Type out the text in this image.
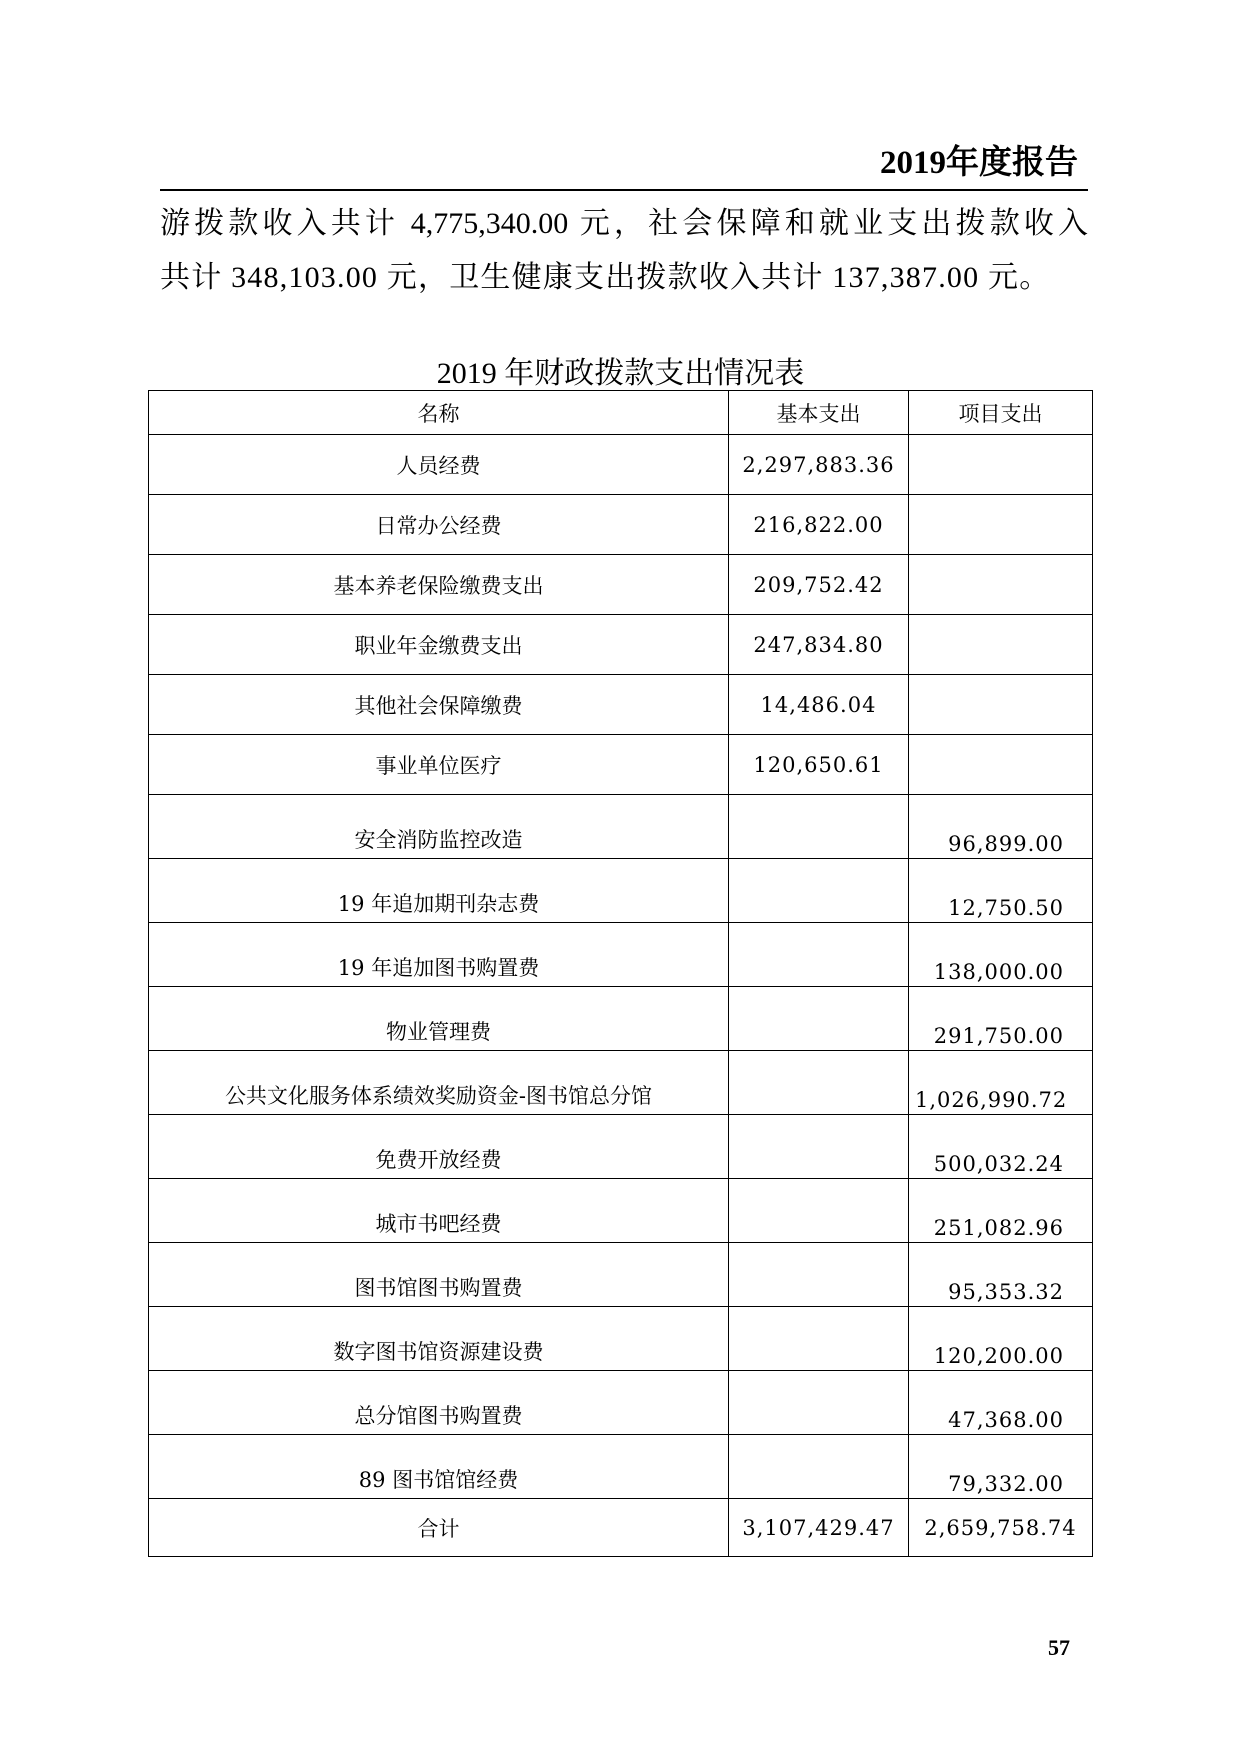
2019年度报告
游拨款收入共计 4,775,340.00 元，社会保障和就业支出拨款收入
共计 348,103.00 元，卫生健康支出拨款收入共计 137,387.00 元。
2019 年财政拨款支出情况表
名称	基本支出	项目支出
人员经费	2,297,883.36	
日常办公经费	216,822.00	
基本养老保险缴费支出	209,752.42	
职业年金缴费支出	247,834.80	
其他社会保障缴费	14,486.04	
事业单位医疗	120,650.61	
安全消防监控改造		96,899.00
19 年追加期刊杂志费		12,750.50
19 年追加图书购置费		138,000.00
物业管理费		291,750.00
公共文化服务体系绩效奖励资金-图书馆总分馆		1,026,990.72
免费开放经费		500,032.24
城市书吧经费		251,082.96
图书馆图书购置费		95,353.32
数字图书馆资源建设费		120,200.00
总分馆图书购置费		47,368.00
89 图书馆馆经费		79,332.00
合计	3,107,429.47	2,659,758.74
57
